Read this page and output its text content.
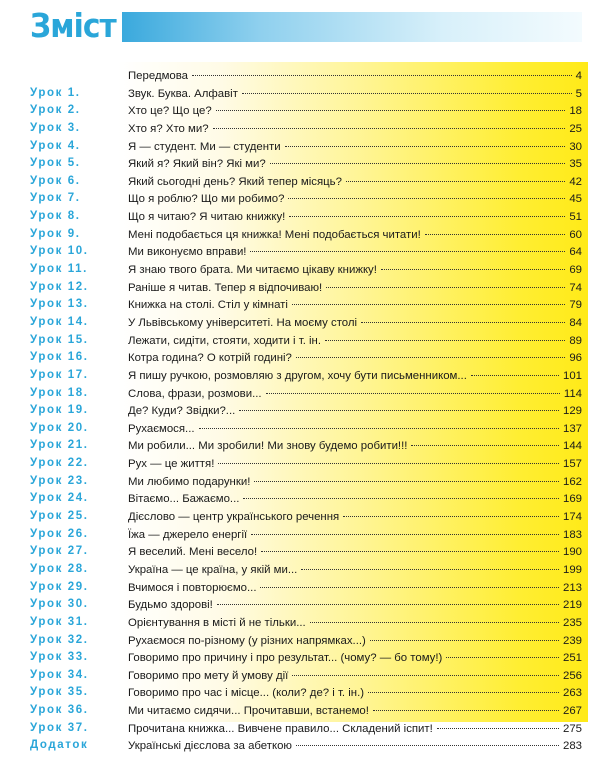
Зміст
Передмова	4
Урок 1.	Звук. Буква. Алфавіт	5
Урок 2.	Хто це? Що це?	18
Урок 3.	Хто я? Хто ми?	25
Урок 4.	Я — студент. Ми — студенти	30
Урок 5.	Який я? Який він? Які ми?	35
Урок 6.	Який сьогодні день? Який тепер місяць?	42
Урок 7.	Що я роблю? Що ми робимо?	45
Урок 8.	Що я читаю? Я читаю книжку!	51
Урок 9.	Мені подобається ця книжка! Мені подобається читати!	60
Урок 10.	Ми виконуємо вправи!	64
Урок 11.	Я знаю твого брата. Ми читаємо цікаву книжку!	69
Урок 12.	Раніше я читав. Тепер я відпочиваю!	74
Урок 13.	Книжка на столі. Стіл у кімнаті	79
Урок 14.	У Львівському університеті. На моєму столі	84
Урок 15.	Лежати, сидіти, стояти, ходити і т. ін.	89
Урок 16.	Котра година? О котрій годині?	96
Урок 17.	Я пишу ручкою, розмовляю з другом, хочу бути письменником...	101
Урок 18.	Слова, фрази, розмови...	114
Урок 19.	Де? Куди? Звідки?...	129
Урок 20.	Рухаємося...	137
Урок 21.	Ми робили... Ми зробили! Ми знову будемо робити!!!	144
Урок 22.	Рух — це життя!	157
Урок 23.	Ми любимо подарунки!	162
Урок 24.	Вітаємо... Бажаємо...	169
Урок 25.	Дієслово — центр українського речення	174
Урок 26.	Їжа — джерело енергії	183
Урок 27.	Я веселий. Мені весело!	190
Урок 28.	Україна — це країна, у якій ми...	199
Урок 29.	Вчимося і повторюємо...	213
Урок 30.	Будьмо здорові!	219
Урок 31.	Орієнтування в місті й не тільки...	235
Урок 32.	Рухаємося по-різному (у різних напрямках...)	239
Урок 33.	Говоримо про причину і про результат... (чому? — бо тому!)	251
Урок 34.	Говоримо про мету й умову дії	256
Урок 35.	Говоримо про час і місце... (коли? де? і т. ін.)	263
Урок 36.	Ми читаємо сидячи... Прочитавши, встанемо!	267
Урок 37.	Прочитана книжка... Вивчене правило... Складений іспит!	275
Додаток	Українські дієслова за абеткою	283
